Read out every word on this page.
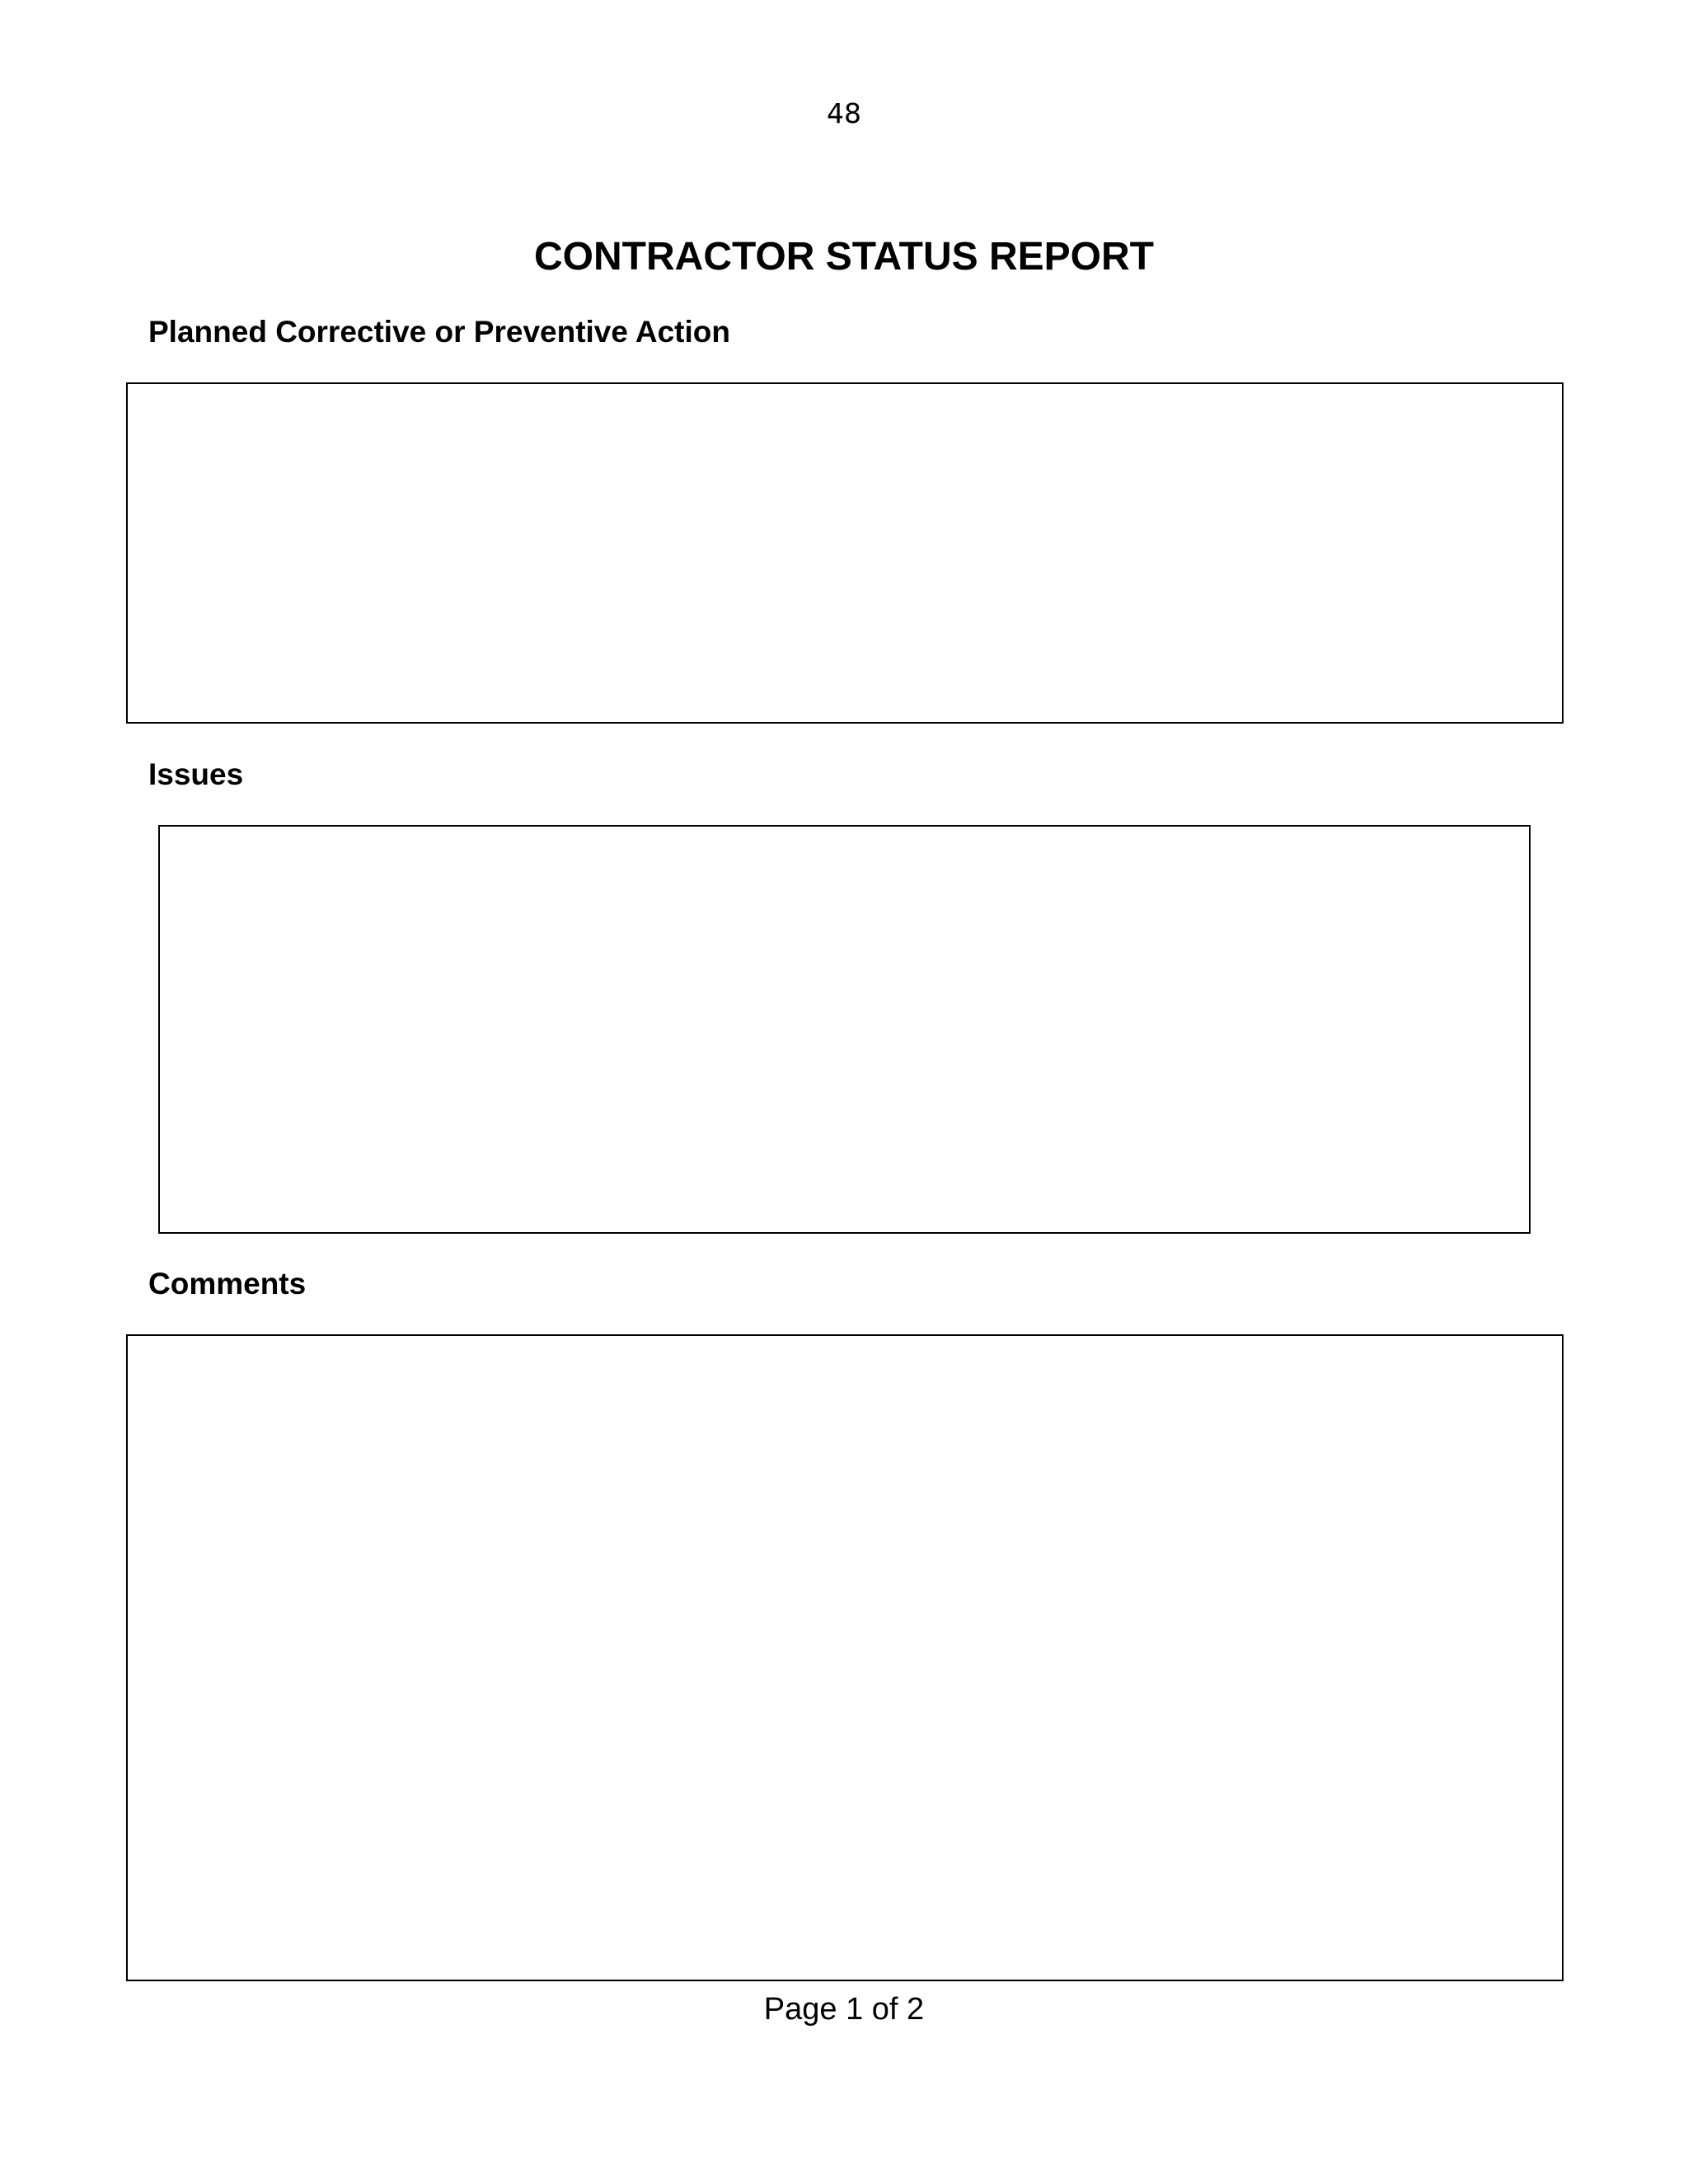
48
CONTRACTOR STATUS REPORT
Planned Corrective or Preventive Action
Issues
Comments
Page 1 of 2
